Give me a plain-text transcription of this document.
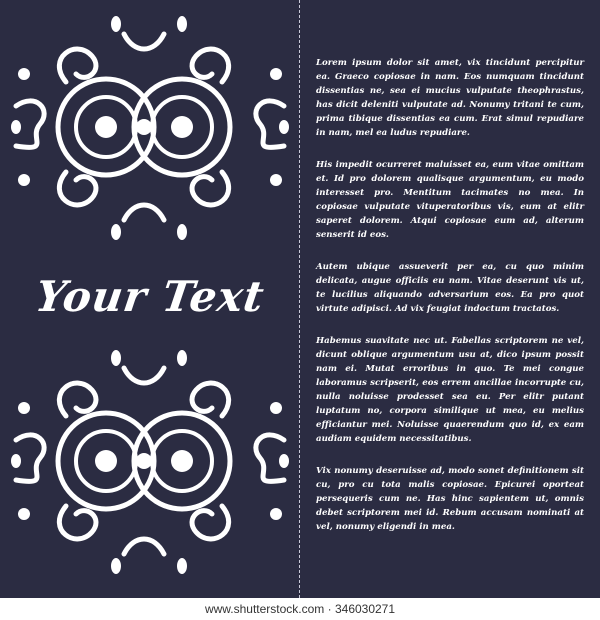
Your Text

Lorem ipsum dolor sit amet, vix tincidunt percipitur ea. Graeco copiosae in nam. Eos numquam tincidunt dissentias ne, sea ei mucius vulputate theophrastus, has dicit deleniti vulputate ad. Nonumy tritani te cum, prima tibique dissentias ea cum. Erat simul repudiare in nam, mel ea ludus repudiare.

His impedit ocurreret maluisset ea, eum vitae omittam et. Id pro dolorem qualisque argumentum, eu modo interesset pro. Mentitum tacimates no mea. In copiosae vulputate vituperatoribus vis, eum at elitr saperet dolorem. Atqui copiosae eum ad, alterum senserit id eos.

Autem ubique assueverit per ea, cu quo minim delicata, augue officiis eu nam. Vitae deserunt vis ut, te lucilius aliquando adversarium eos. Ea pro quot virtute adipisci. Ad vix feugiat indoctum tractatos.

Habemus suavitate nec ut. Fabellas scriptorem ne vel, dicunt oblique argumentum usu at, dico ipsum possit nam ei. Mutat erroribus in quo. Te mei congue laboramus scripserit, eos errem ancillae incorrupte cu, nulla noluisse prodesset sea eu. Per elitr putant luptatum no, corpora similique ut mea, eu melius efficiantur mei. Noluisse quaerendum quo id, ex eam audiam equidem necessitatibus.

Vix nonumy deseruisse ad, modo sonet definitionem sit cu, pro cu tota malis copiosae. Epicurei oporteat persequeris cum ne. Has hinc sapientem ut, omnis debet scriptorem mei id. Rebum accusam nominati at vel, nonumy eligendi in mea.

www.shutterstock.com · 346030271
